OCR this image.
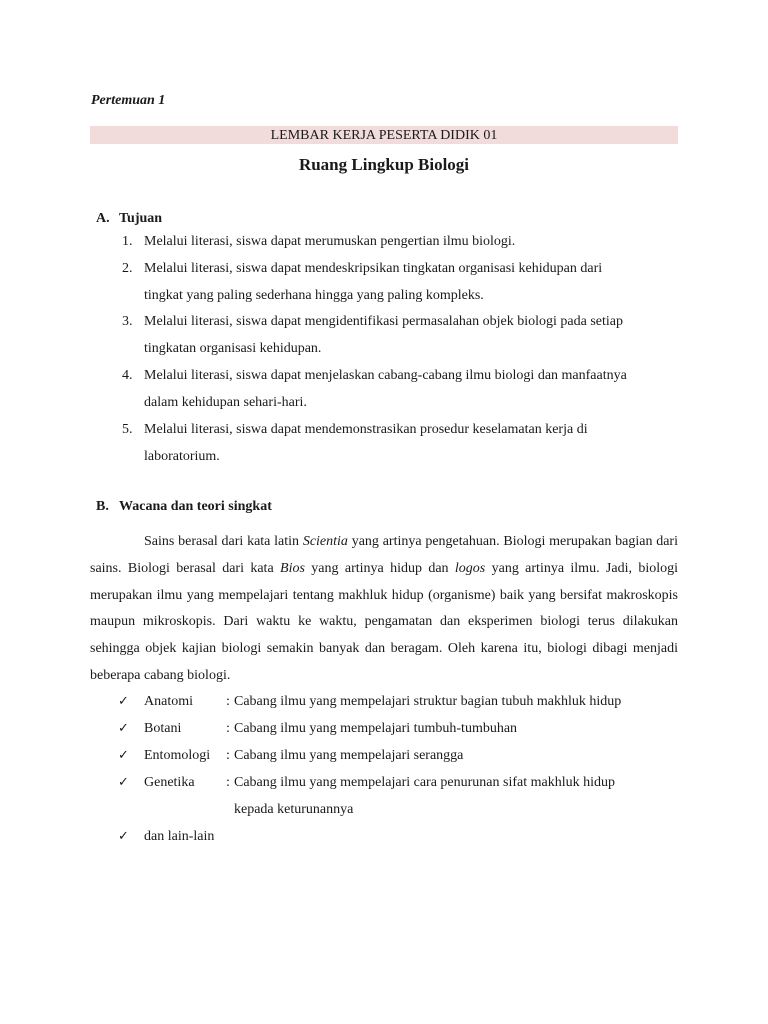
Pertemuan 1
LEMBAR KERJA PESERTA DIDIK 01
Ruang Lingkup Biologi
A. Tujuan
1. Melalui literasi, siswa dapat merumuskan pengertian ilmu biologi.
2. Melalui literasi, siswa dapat mendeskripsikan tingkatan organisasi kehidupan dari
tingkat yang paling sederhana hingga yang paling kompleks.
3. Melalui literasi, siswa dapat mengidentifikasi permasalahan objek biologi pada setiap
tingkatan organisasi kehidupan.
4. Melalui literasi, siswa dapat menjelaskan cabang-cabang ilmu biologi dan manfaatnya
dalam kehidupan sehari-hari.
5. Melalui literasi, siswa dapat mendemonstrasikan prosedur keselamatan kerja di
laboratorium.
B. Wacana dan teori singkat
Sains berasal dari kata latin Scientia yang artinya pengetahuan. Biologi merupakan bagian dari sains. Biologi berasal dari kata Bios yang artinya hidup dan logos yang artinya ilmu. Jadi, biologi merupakan ilmu yang mempelajari tentang makhluk hidup (organisme) baik yang bersifat makroskopis maupun mikroskopis. Dari waktu ke waktu, pengamatan dan eksperimen biologi terus dilakukan sehingga objek kajian biologi semakin banyak dan beragam. Oleh karena itu, biologi dibagi menjadi beberapa cabang biologi.
✓ Anatomi : Cabang ilmu yang mempelajari struktur bagian tubuh makhluk hidup
✓ Botani	: Cabang ilmu yang mempelajari tumbuh-tumbuhan
✓ Entomologi : Cabang ilmu yang mempelajari serangga
✓ Genetika : Cabang ilmu yang mempelajari cara penurunan sifat makhluk hidup
kepada keturunannya
✓ dan lain-lain
